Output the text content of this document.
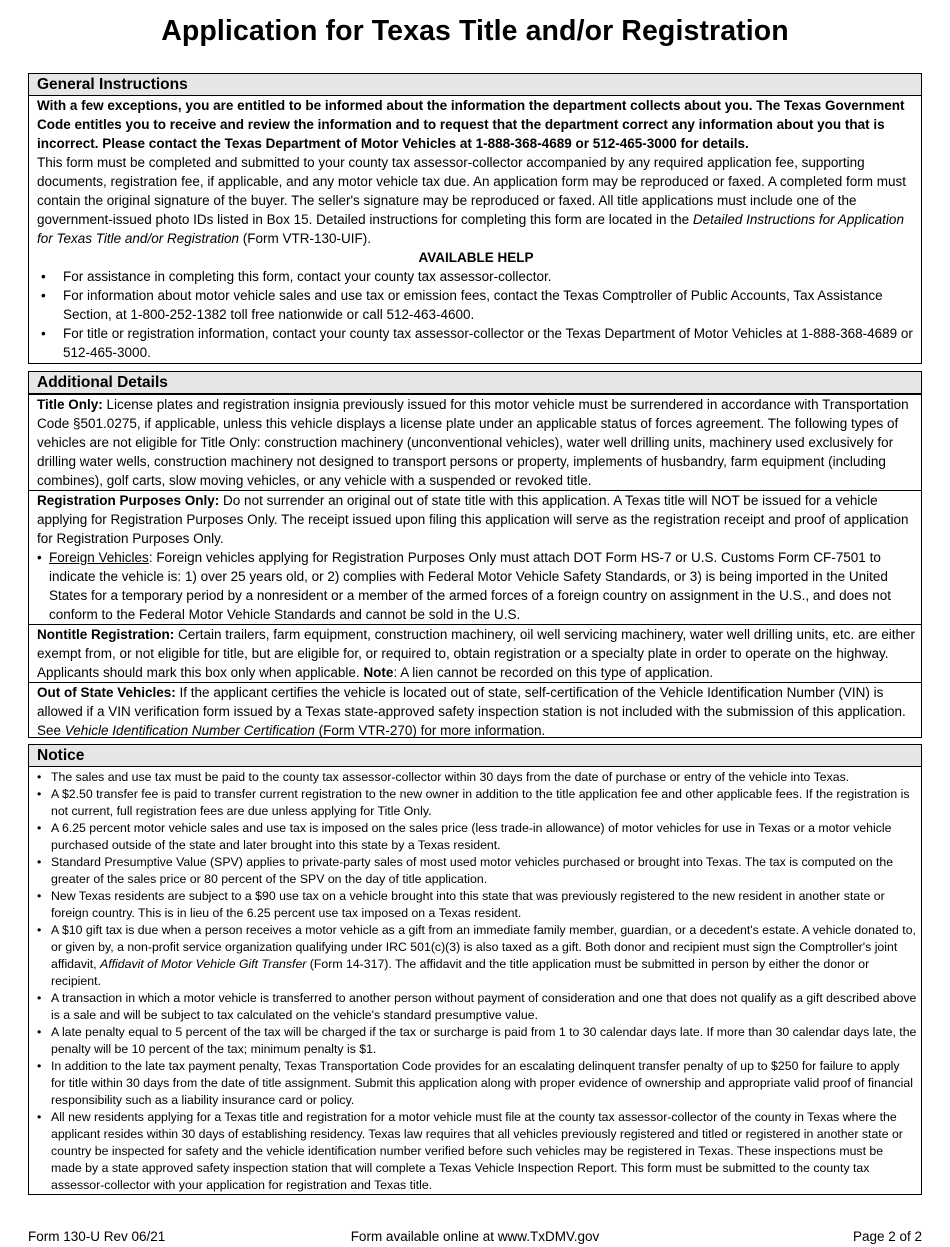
Application for Texas Title and/or Registration
General Instructions

With a few exceptions, you are entitled to be informed about the information the department collects about you. The Texas Government Code entitles you to receive and review the information and to request that the department correct any information about you that is incorrect. Please contact the Texas Department of Motor Vehicles at 1-888-368-4689 or 512-465-3000 for details.

This form must be completed and submitted to your county tax assessor-collector accompanied by any required application fee, supporting documents, registration fee, if applicable, and any motor vehicle tax due. An application form may be reproduced or faxed. A completed form must contain the original signature of the buyer. The seller's signature may be reproduced or faxed. All title applications must include one of the government-issued photo IDs listed in Box 15. Detailed instructions for completing this form are located in the Detailed Instructions for Application for Texas Title and/or Registration (Form VTR-130-UIF).

AVAILABLE HELP

• For assistance in completing this form, contact your county tax assessor-collector.
• For information about motor vehicle sales and use tax or emission fees, contact the Texas Comptroller of Public Accounts, Tax Assistance Section, at 1-800-252-1382 toll free nationwide or call 512-463-4600.
• For title or registration information, contact your county tax assessor-collector or the Texas Department of Motor Vehicles at 1-888-368-4689 or 512-465-3000.
Additional Details

Title Only: License plates and registration insignia previously issued for this motor vehicle must be surrendered in accordance with Transportation Code §501.0275, if applicable, unless this vehicle displays a license plate under an applicable status of forces agreement. The following types of vehicles are not eligible for Title Only: construction machinery (unconventional vehicles), water well drilling units, machinery used exclusively for drilling water wells, construction machinery not designed to transport persons or property, implements of husbandry, farm equipment (including combines), golf carts, slow moving vehicles, or any vehicle with a suspended or revoked title.

Registration Purposes Only: Do not surrender an original out of state title with this application. A Texas title will NOT be issued for a vehicle applying for Registration Purposes Only. The receipt issued upon filing this application will serve as the registration receipt and proof of application for Registration Purposes Only.

• Foreign Vehicles: Foreign vehicles applying for Registration Purposes Only must attach DOT Form HS-7 or U.S. Customs Form CF-7501 to indicate the vehicle is: 1) over 25 years old, or 2) complies with Federal Motor Vehicle Safety Standards, or 3) is being imported in the United States for a temporary period by a nonresident or a member of the armed forces of a foreign country on assignment in the U.S., and does not conform to the Federal Motor Vehicle Standards and cannot be sold in the U.S.

Nontitle Registration: Certain trailers, farm equipment, construction machinery, oil well servicing machinery, water well drilling units, etc. are either exempt from, or not eligible for title, but are eligible for, or required to, obtain registration or a specialty plate in order to operate on the highway. Applicants should mark this box only when applicable. Note: A lien cannot be recorded on this type of application.

Out of State Vehicles: If the applicant certifies the vehicle is located out of state, self-certification of the Vehicle Identification Number (VIN) is allowed if a VIN verification form issued by a Texas state-approved safety inspection station is not included with the submission of this application. See Vehicle Identification Number Certification (Form VTR-270) for more information.

Notice
• The sales and use tax must be paid to the county tax assessor-collector within 30 days from the date of purchase or entry of the vehicle into Texas.
• A $2.50 transfer fee is paid to transfer current registration to the new owner in addition to the title application fee and other applicable fees. If the registration is not current, full registration fees are due unless applying for Title Only.
• A 6.25 percent motor vehicle sales and use tax is imposed on the sales price (less trade-in allowance) of motor vehicles for use in Texas or a motor vehicle purchased outside of the state and later brought into this state by a Texas resident.
• Standard Presumptive Value (SPV) applies to private-party sales of most used motor vehicles purchased or brought into Texas. The tax is computed on the greater of the sales price or 80 percent of the SPV on the day of title application.
• New Texas residents are subject to a $90 use tax on a vehicle brought into this state that was previously registered to the new resident in another state or foreign country. This is in lieu of the 6.25 percent use tax imposed on a Texas resident.
• A $10 gift tax is due when a person receives a motor vehicle as a gift from an immediate family member, guardian, or a decedent's estate. A vehicle donated to, or given by, a non-profit service organization qualifying under IRC 501(c)(3) is also taxed as a gift. Both donor and recipient must sign the Comptroller's joint affidavit, Affidavit of Motor Vehicle Gift Transfer (Form 14-317). The affidavit and the title application must be submitted in person by either the donor or recipient.
• A transaction in which a motor vehicle is transferred to another person without payment of consideration and one that does not qualify as a gift described above is a sale and will be subject to tax calculated on the vehicle's standard presumptive value.
• A late penalty equal to 5 percent of the tax will be charged if the tax or surcharge is paid from 1 to 30 calendar days late. If more than 30 calendar days late, the penalty will be 10 percent of the tax; minimum penalty is $1.
• In addition to the late tax payment penalty, Texas Transportation Code provides for an escalating delinquent transfer penalty of up to $250 for failure to apply for title within 30 days from the date of title assignment. Submit this application along with proper evidence of ownership and appropriate valid proof of financial responsibility such as a liability insurance card or policy.
• All new residents applying for a Texas title and registration for a motor vehicle must file at the county tax assessor-collector of the county in Texas where the applicant resides within 30 days of establishing residency. Texas law requires that all vehicles previously registered and titled or registered in another state or country be inspected for safety and the vehicle identification number verified before such vehicles may be registered in Texas. These inspections must be made by a state approved safety inspection station that will complete a Texas Vehicle Inspection Report. This form must be submitted to the county tax assessor-collector with your application for registration and Texas title.
Form 130-U Rev 06/21	Form available online at www.TxDMV.gov	Page 2 of 2
